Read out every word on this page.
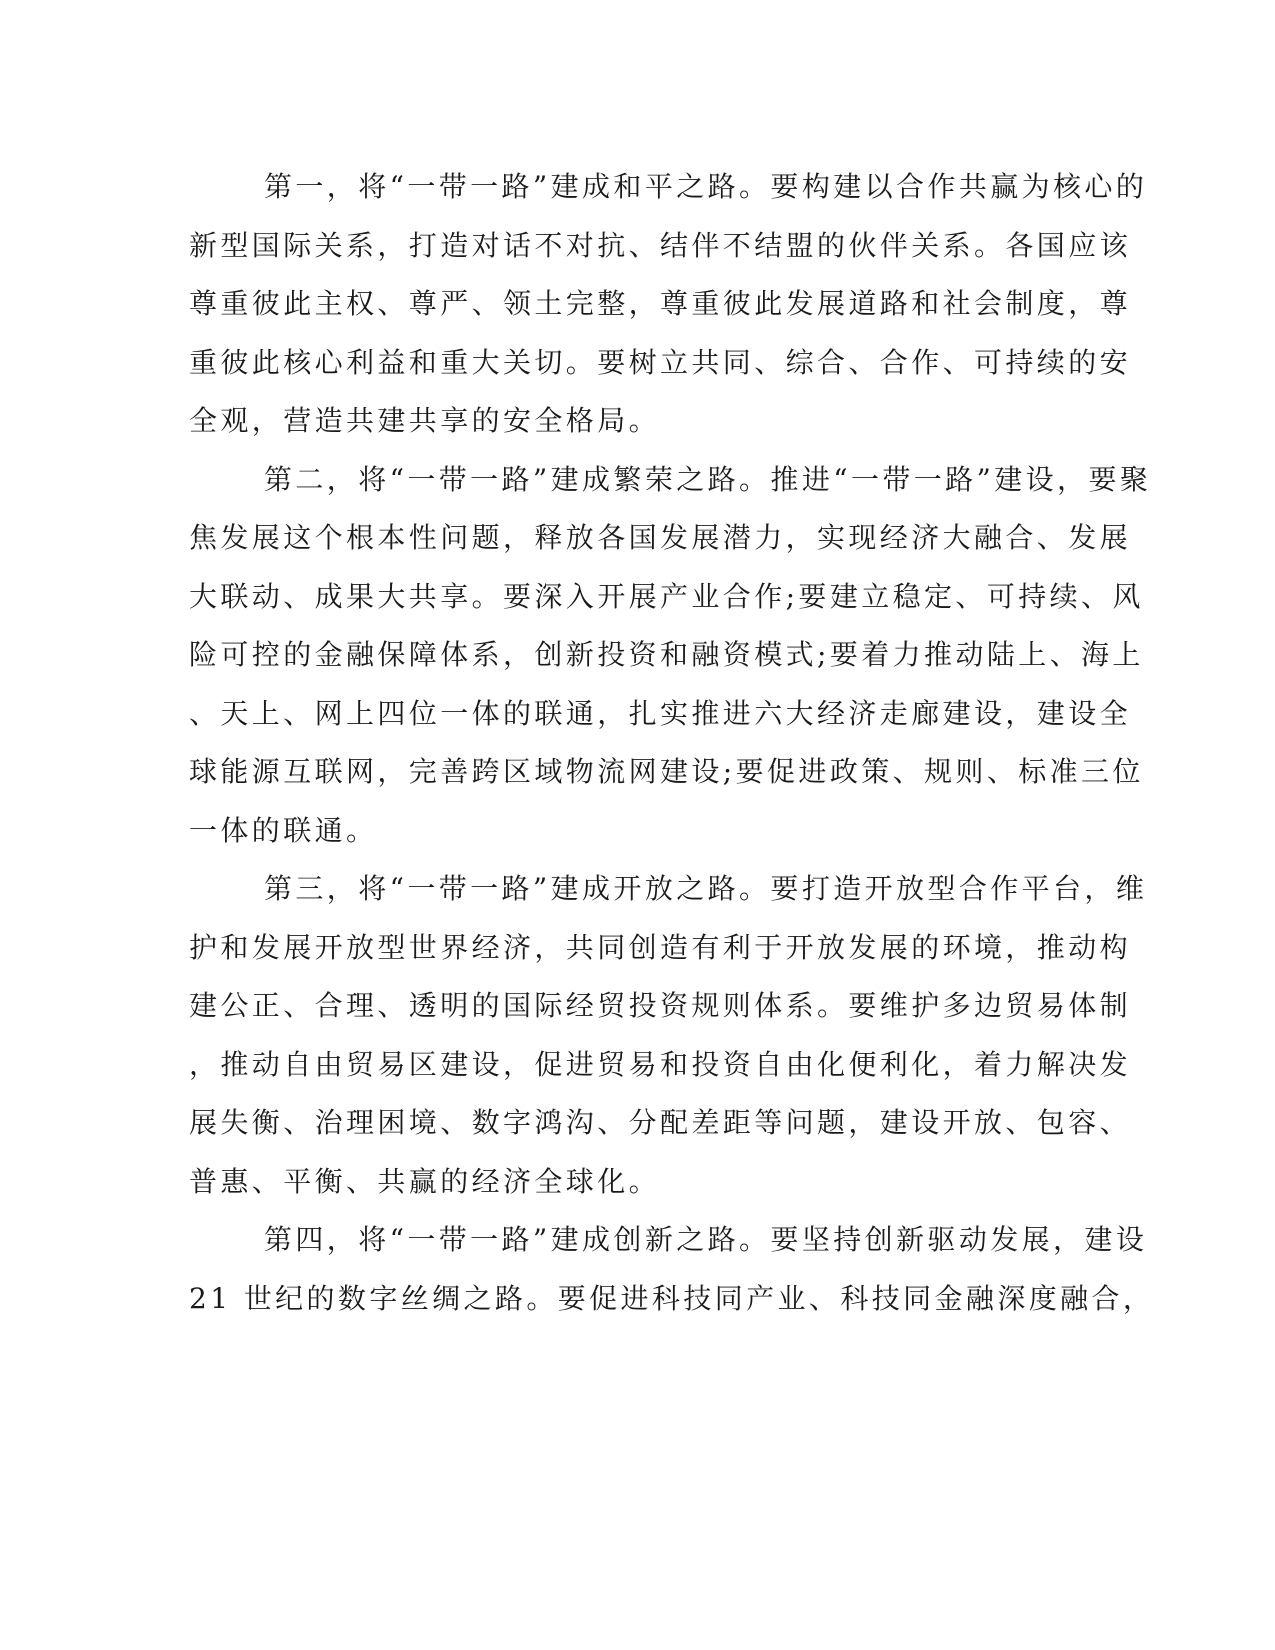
第一，将“一带一路”建成和平之路。要构建以合作共赢为核心的
新型国际关系，打造对话不对抗、结伴不结盟的伙伴关系。各国应该
尊重彼此主权、尊严、领土完整，尊重彼此发展道路和社会制度，尊
重彼此核心利益和重大关切。要树立共同、综合、合作、可持续的安
全观，营造共建共享的安全格局。
第二，将“一带一路”建成繁荣之路。推进“一带一路”建设，要聚
焦发展这个根本性问题，释放各国发展潜力，实现经济大融合、发展
大联动、成果大共享。要深入开展产业合作;要建立稳定、可持续、风
险可控的金融保障体系，创新投资和融资模式;要着力推动陆上、海上
、天上、网上四位一体的联通，扎实推进六大经济走廊建设，建设全
球能源互联网，完善跨区域物流网建设;要促进政策、规则、标准三位
一体的联通。
第三，将“一带一路”建成开放之路。要打造开放型合作平台，维
护和发展开放型世界经济，共同创造有利于开放发展的环境，推动构
建公正、合理、透明的国际经贸投资规则体系。要维护多边贸易体制
，推动自由贸易区建设，促进贸易和投资自由化便利化，着力解决发
展失衡、治理困境、数字鸿沟、分配差距等问题，建设开放、包容、
普惠、平衡、共赢的经济全球化。
第四，将“一带一路”建成创新之路。要坚持创新驱动发展，建设
21 世纪的数字丝绸之路。要促进科技同产业、科技同金融深度融合，
